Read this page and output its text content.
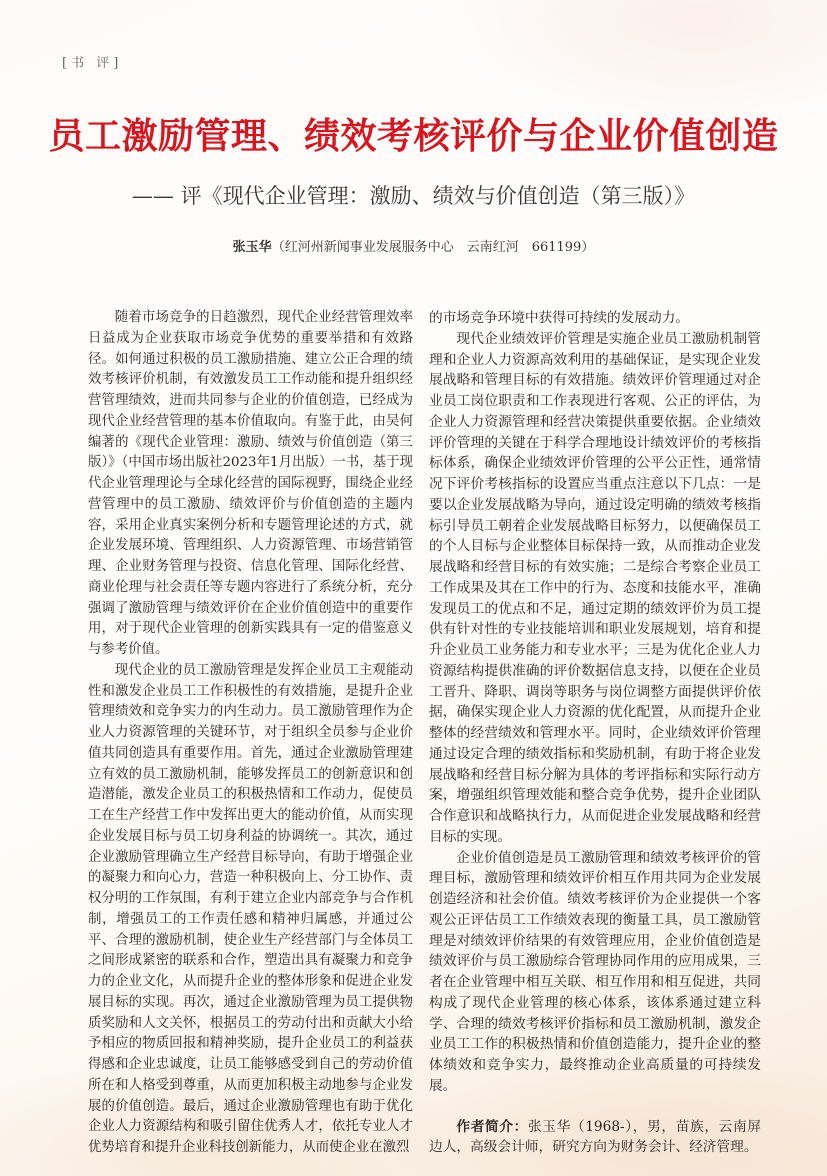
[书 评]
员工激励管理、绩效考核评价与企业价值创造
—— 评《现代企业管理：激励、绩效与价值创造（第三版）》
张玉华（红河州新闻事业发展服务中心　云南红河　661199）

随着市场竞争的日趋激烈，现代企业经营管理效率日益成为企业获取市场竞争优势的重要举措和有效路径。如何通过积极的员工激励措施、建立公正合理的绩效考核评价机制，有效激发员工工作动能和提升组织经营管理绩效，进而共同参与企业的价值创造，已经成为现代企业经营管理的基本价值取向。有鉴于此，由吴何编著的《现代企业管理：激励、绩效与价值创造（第三版）》（中国市场出版社2023年1月出版）一书，基于现代企业管理理论与全球化经营的国际视野，围绕企业经营管理中的员工激励、绩效评价与价值创造的主题内容，采用企业真实案例分析和专题管理论述的方式，就企业发展环境、管理组织、人力资源管理、市场营销管理、企业财务管理与投资、信息化管理、国际化经营、商业伦理与社会责任等专题内容进行了系统分析，充分强调了激励管理与绩效评价在企业价值创造中的重要作用，对于现代企业管理的创新实践具有一定的借鉴意义与参考价值。

现代企业的员工激励管理是发挥企业员工主观能动性和激发企业员工工作积极性的有效措施，是提升企业管理绩效和竞争实力的内生动力。员工激励管理作为企业人力资源管理的关键环节，对于组织全员参与企业价值共同创造具有重要作用。首先，通过企业激励管理建立有效的员工激励机制，能够发挥员工的创新意识和创造潜能，激发企业员工的积极热情和工作动力，促使员工在生产经营工作中发挥出更大的能动价值，从而实现企业发展目标与员工切身利益的协调统一。其次，通过企业激励管理确立生产经营目标导向，有助于增强企业的凝聚力和向心力，营造一种积极向上、分工协作、责权分明的工作氛围，有利于建立企业内部竞争与合作机制，增强员工的工作责任感和精神归属感，并通过公平、合理的激励机制，使企业生产经营部门与全体员工之间形成紧密的联系和合作，塑造出具有凝聚力和竞争力的企业文化，从而提升企业的整体形象和促进企业发展目标的实现。再次，通过企业激励管理为员工提供物质奖励和人文关怀，根据员工的劳动付出和贡献大小给予相应的物质回报和精神奖励，提升企业员工的利益获得感和企业忠诚度，让员工能够感受到自己的劳动价值所在和人格受到尊重，从而更加积极主动地参与企业发展的价值创造。最后，通过企业激励管理也有助于优化企业人力资源结构和吸引留住优秀人才，依托专业人才优势培育和提升企业科技创新能力，从而使企业在激烈

的市场竞争环境中获得可持续的发展动力。

现代企业绩效评价管理是实施企业员工激励机制管理和企业人力资源高效利用的基础保证，是实现企业发展战略和管理目标的有效措施。绩效评价管理通过对企业员工岗位职责和工作表现进行客观、公正的评估，为企业人力资源管理和经营决策提供重要依据。企业绩效评价管理的关键在于科学合理地设计绩效评价的考核指标体系，确保企业绩效评价管理的公平公正性，通常情况下评价考核指标的设置应当重点注意以下几点：一是要以企业发展战略为导向，通过设定明确的绩效考核指标引导员工朝着企业发展战略目标努力，以便确保员工的个人目标与企业整体目标保持一致，从而推动企业发展战略和经营目标的有效实施；二是综合考察企业员工工作成果及其在工作中的行为、态度和技能水平，准确发现员工的优点和不足，通过定期的绩效评价为员工提供有针对性的专业技能培训和职业发展规划，培育和提升企业员工业务能力和专业水平；三是为优化企业人力资源结构提供准确的评价数据信息支持，以便在企业员工晋升、降职、调岗等职务与岗位调整方面提供评价依据，确保实现企业人力资源的优化配置，从而提升企业整体的经营绩效和管理水平。同时，企业绩效评价管理通过设定合理的绩效指标和奖励机制，有助于将企业发展战略和经营目标分解为具体的考评指标和实际行动方案，增强组织管理效能和整合竞争优势，提升企业团队合作意识和战略执行力，从而促进企业发展战略和经营目标的实现。

企业价值创造是员工激励管理和绩效考核评价的管理目标，激励管理和绩效评价相互作用共同为企业发展创造经济和社会价值。绩效考核评价为企业提供一个客观公正评估员工工作绩效表现的衡量工具，员工激励管理是对绩效评价结果的有效管理应用，企业价值创造是绩效评价与员工激励综合管理协同作用的应用成果，三者在企业管理中相互关联、相互作用和相互促进，共同构成了现代企业管理的核心体系，该体系通过建立科学、合理的绩效考核评价指标和员工激励机制，激发企业员工工作的积极热情和价值创造能力，提升企业的整体绩效和竞争实力，最终推动企业高质量的可持续发展。

作者简介：张玉华（1968-），男，苗族，云南屏边人，高级会计师，研究方向为财务会计、经济管理。
